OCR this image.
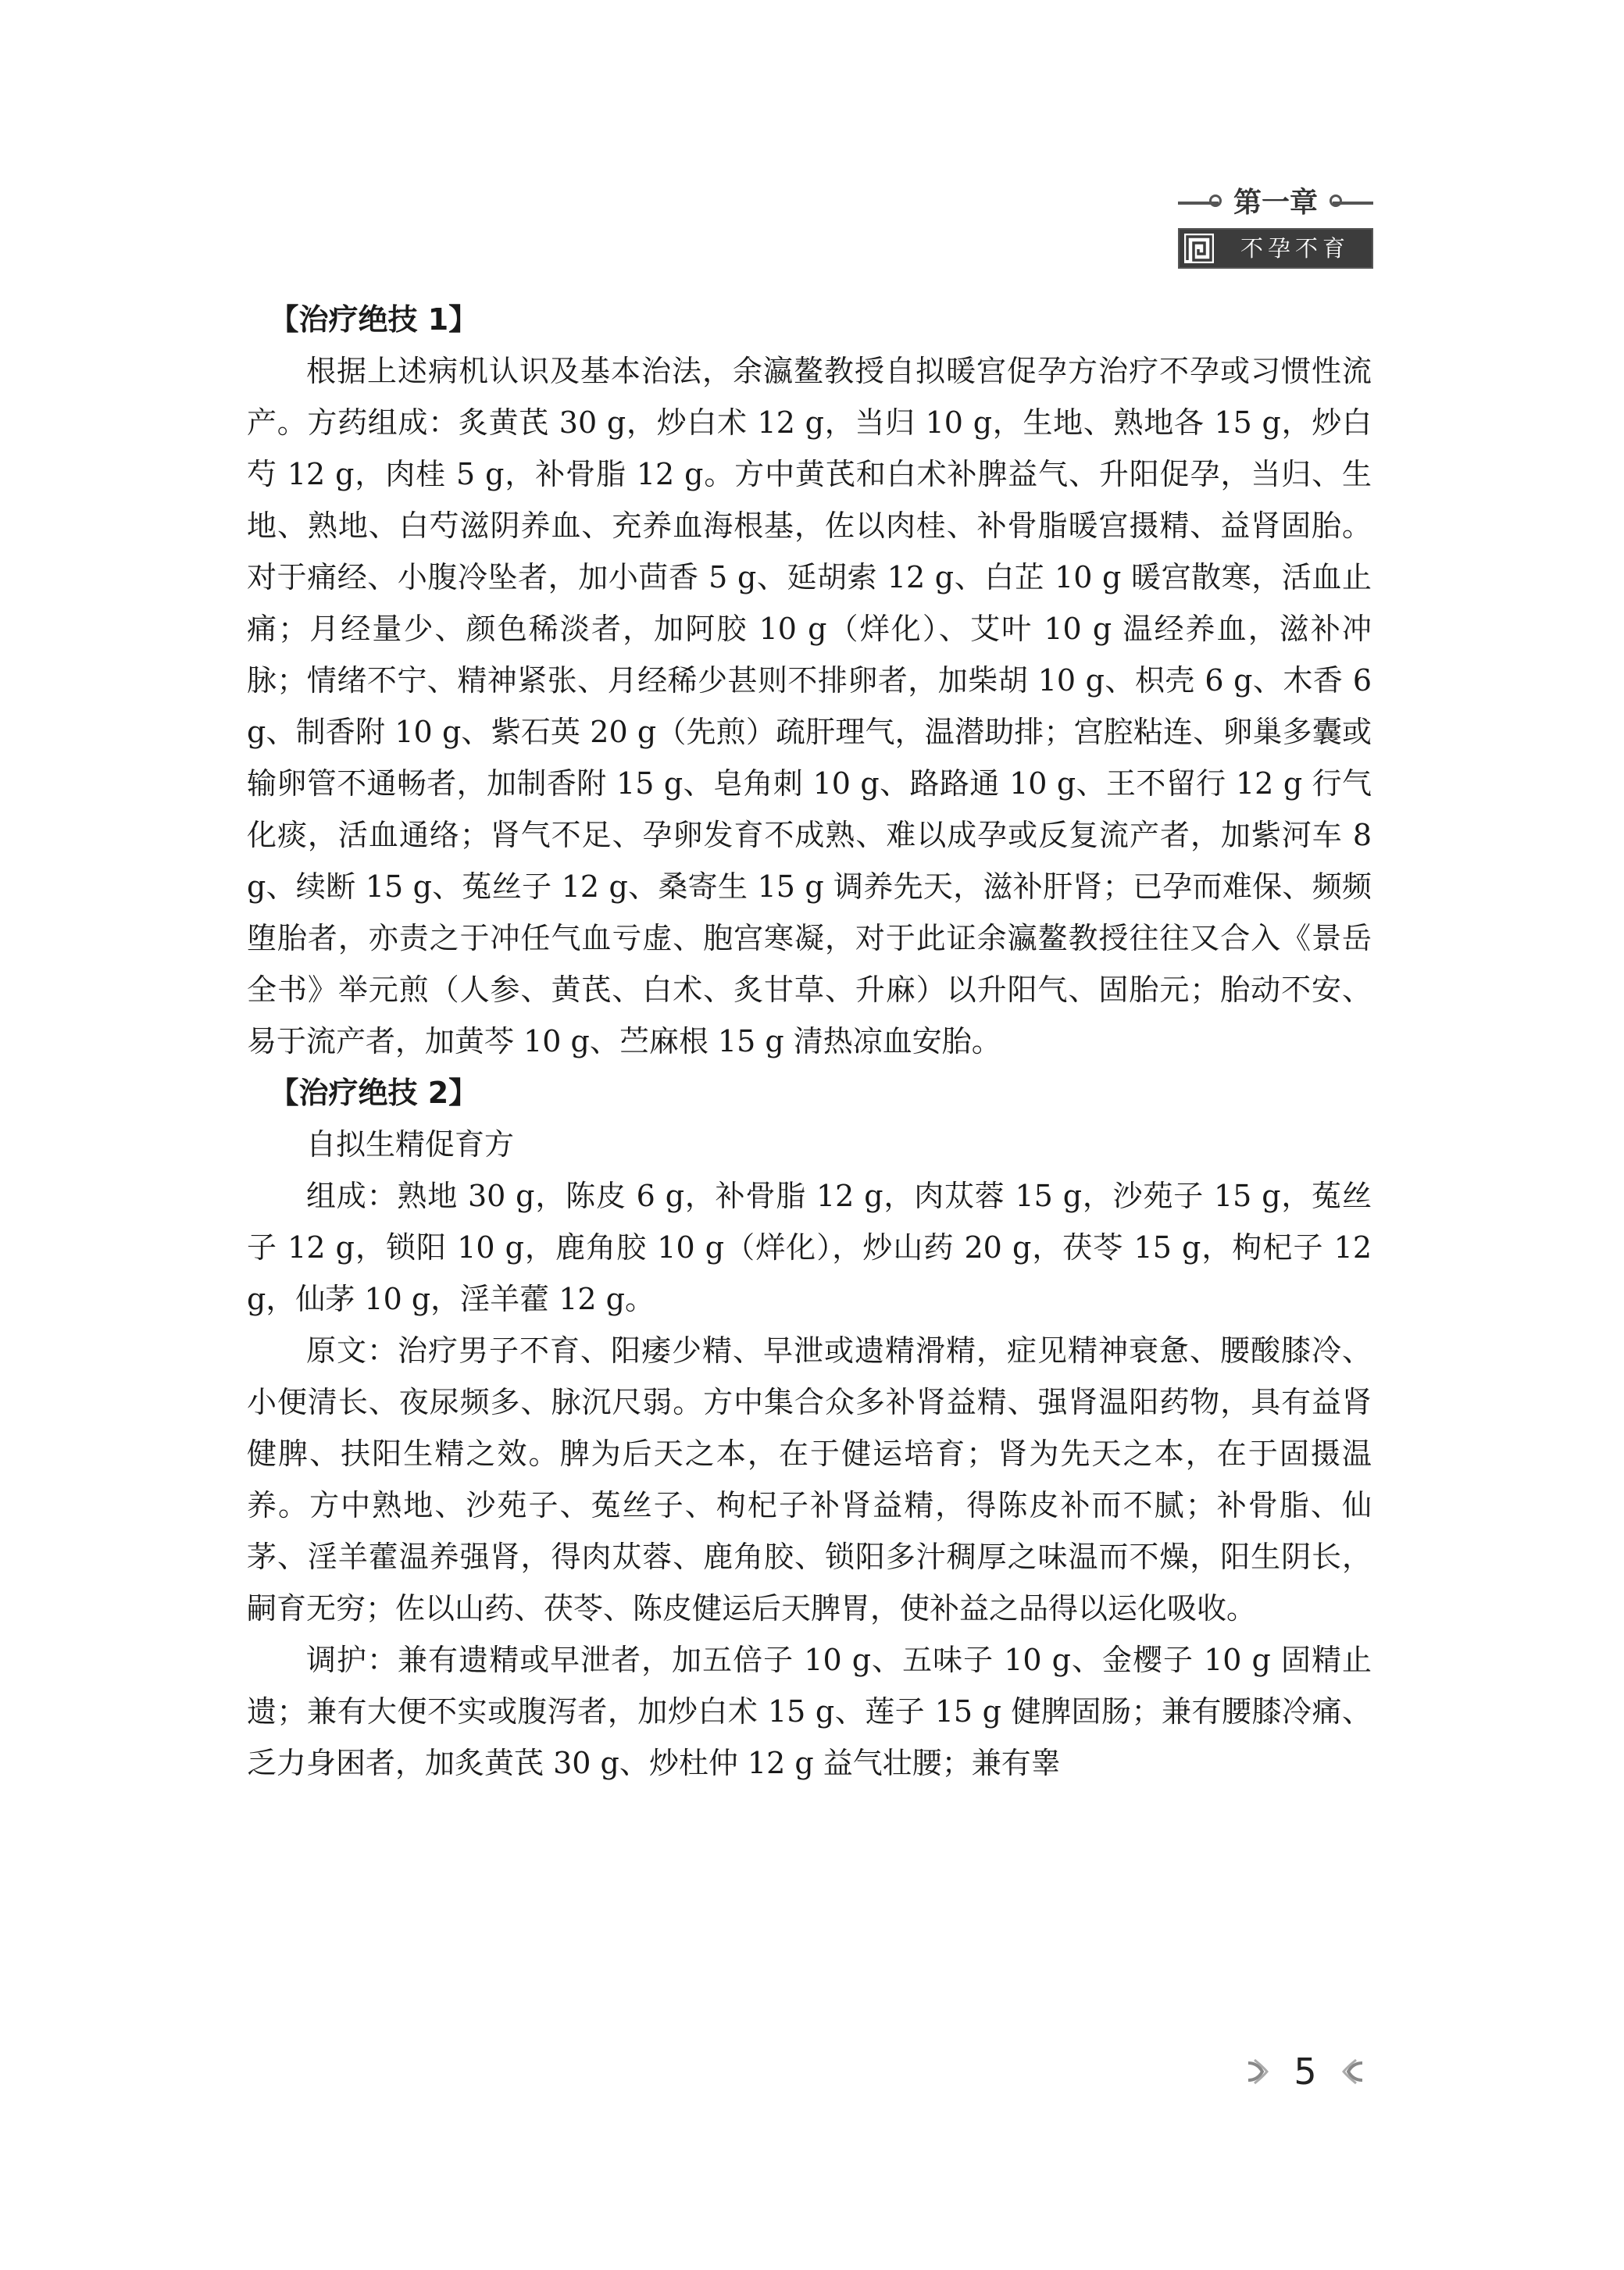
第一章
不孕不育

【治疗绝技 1】

根据上述病机认识及基本治法，余瀛鳌教授自拟暖宫促孕方治疗不孕或习惯性流产。方药组成：炙黄芪 30 g，炒白术 12 g，当归 10 g，生地、熟地各 15 g，炒白芍 12 g，肉桂 5 g，补骨脂 12 g。方中黄芪和白术补脾益气、升阳促孕，当归、生地、熟地、白芍滋阴养血、充养血海根基，佐以肉桂、补骨脂暖宫摄精、益肾固胎。对于痛经、小腹冷坠者，加小茴香 5 g、延胡索 12 g、白芷 10 g 暖宫散寒，活血止痛；月经量少、颜色稀淡者，加阿胶 10 g（烊化）、艾叶 10 g 温经养血，滋补冲脉；情绪不宁、精神紧张、月经稀少甚则不排卵者，加柴胡 10 g、枳壳 6 g、木香 6 g、制香附 10 g、紫石英 20 g（先煎）疏肝理气，温潜助排；宫腔粘连、卵巢多囊或输卵管不通畅者，加制香附 15 g、皂角刺 10 g、路路通 10 g、王不留行 12 g 行气化痰，活血通络；肾气不足、孕卵发育不成熟、难以成孕或反复流产者，加紫河车 8 g、续断 15 g、菟丝子 12 g、桑寄生 15 g 调养先天，滋补肝肾；已孕而难保、频频堕胎者，亦责之于冲任气血亏虚、胞宫寒凝，对于此证余瀛鳌教授往往又合入《景岳全书》举元煎（人参、黄芪、白术、炙甘草、升麻）以升阳气、固胎元；胎动不安、易于流产者，加黄芩 10 g、苎麻根 15 g 清热凉血安胎。

【治疗绝技 2】

自拟生精促育方

组成：熟地 30 g，陈皮 6 g，补骨脂 12 g，肉苁蓉 15 g，沙苑子 15 g，菟丝子 12 g，锁阳 10 g，鹿角胶 10 g（烊化），炒山药 20 g，茯苓 15 g，枸杞子 12 g，仙茅 10 g，淫羊藿 12 g。

原文：治疗男子不育、阳痿少精、早泄或遗精滑精，症见精神衰惫、腰酸膝冷、小便清长、夜尿频多、脉沉尺弱。方中集合众多补肾益精、强肾温阳药物，具有益肾健脾、扶阳生精之效。脾为后天之本，在于健运培育；肾为先天之本，在于固摄温养。方中熟地、沙苑子、菟丝子、枸杞子补肾益精，得陈皮补而不腻；补骨脂、仙茅、淫羊藿温养强肾，得肉苁蓉、鹿角胶、锁阳多汁稠厚之味温而不燥，阳生阴长，嗣育无穷；佐以山药、茯苓、陈皮健运后天脾胃，使补益之品得以运化吸收。

调护：兼有遗精或早泄者，加五倍子 10 g、五味子 10 g、金樱子 10 g 固精止遗；兼有大便不实或腹泻者，加炒白术 15 g、莲子 15 g 健脾固肠；兼有腰膝冷痛、乏力身困者，加炙黄芪 30 g、炒杜仲 12 g 益气壮腰；兼有睾

5
